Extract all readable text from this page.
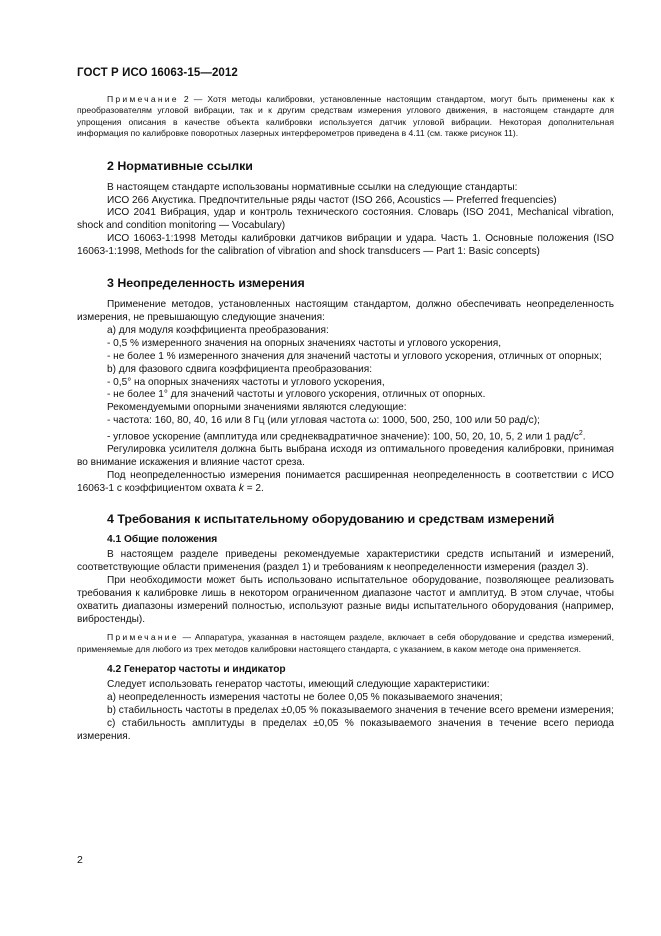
ГОСТ Р ИСО 16063-15—2012

Примечание 2 — Хотя методы калибровки, установленные настоящим стандартом, могут быть применены как к преобразователям угловой вибрации, так и к другим средствам измерения углового движения, в настоящем стандарте для упрощения описания в качестве объекта калибровки используется датчик угловой вибрации. Некоторая дополнительная информация по калибровке поворотных лазерных интерферометров приведена в 4.11 (см. также рисунок 11).

2 Нормативные ссылки

В настоящем стандарте использованы нормативные ссылки на следующие стандарты:

ИСО 266 Акустика. Предпочтительные ряды частот (ISO 266, Acoustics — Preferred frequencies)

ИСО 2041 Вибрация, удар и контроль технического состояния. Словарь (ISO 2041, Mechanical vibration, shock and condition monitoring — Vocabulary)

ИСО 16063-1:1998 Методы калибровки датчиков вибрации и удара. Часть 1. Основные положения (ISO 16063-1:1998, Methods for the calibration of vibration and shock transducers — Part 1: Basic concepts)

3 Неопределенность измерения

Применение методов, установленных настоящим стандартом, должно обеспечивать неопределенность измерения, не превышающую следующие значения:

a) для модуля коэффициента преобразования:

- 0,5 % измеренного значения на опорных значениях частоты и углового ускорения,

- не более 1 % измеренного значения для значений частоты и углового ускорения, отличных от опорных;

b) для фазового сдвига коэффициента преобразования:

- 0,5° на опорных значениях частоты и углового ускорения,

- не более 1° для значений частоты и углового ускорения, отличных от опорных.

Рекомендуемыми опорными значениями являются следующие:

- частота: 160, 80, 40, 16 или 8 Гц (или угловая частота ω: 1000, 500, 250, 100 или 50 рад/с);

- угловое ускорение (амплитуда или среднеквадратичное значение): 100, 50, 20, 10, 5, 2 или 1 рад/$с^2$.

Регулировка усилителя должна быть выбрана исходя из оптимального проведения калибровки, принимая во внимание искажения и влияние частот среза.

Под неопределенностью измерения понимается расширенная неопределенность в соответствии с ИСО 16063-1 с коэффициентом охвата k = 2.

4 Требования к испытательному оборудованию и средствам измерений
4.1 Общие положения

В настоящем разделе приведены рекомендуемые характеристики средств испытаний и измерений, соответствующие области применения (раздел 1) и требованиям к неопределенности измерения (раздел 3).

При необходимости может быть использовано испытательное оборудование, позволяющее реализовать требования к калибровке лишь в некотором ограниченном диапазоне частот и амплитуд. В этом случае, чтобы охватить диапазоны измерений полностью, используют разные виды испытательного оборудования (например, вибростенды).

Примечание — Аппаратура, указанная в настоящем разделе, включает в себя оборудование и средства измерений, применяемые для любого из трех методов калибровки настоящего стандарта, с указанием, в каком методе она применяется.

4.2 Генератор частоты и индикатор

Следует использовать генератор частоты, имеющий следующие характеристики:

a) неопределенность измерения частоты не более 0,05 % показываемого значения;

b) стабильность частоты в пределах ±0,05 % показываемого значения в течение всего времени измерения;

c) стабильность амплитуды в пределах ±0,05 % показываемого значения в течение всего периода измерения.

2
